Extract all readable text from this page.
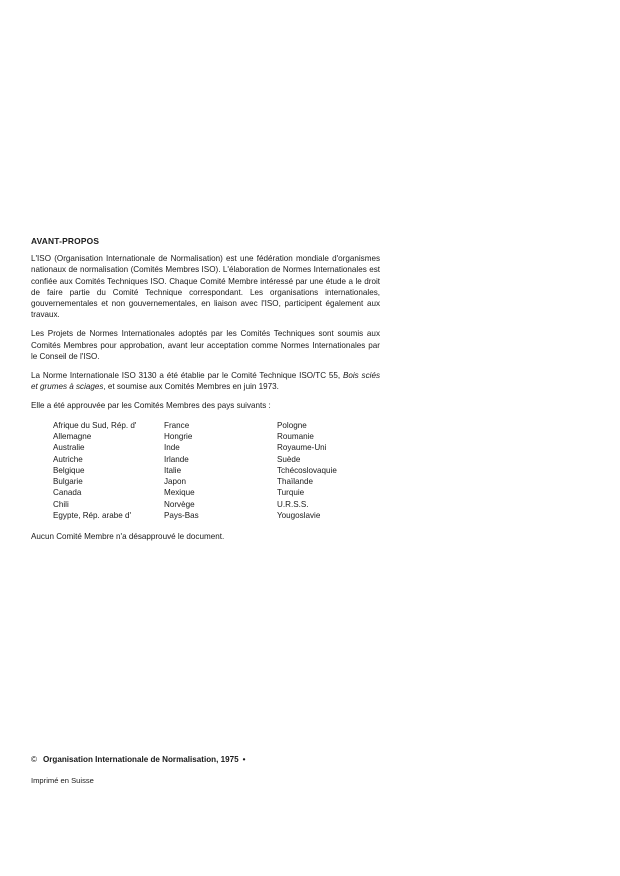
AVANT-PROPOS

L'ISO (Organisation Internationale de Normalisation) est une fédération mondiale d'organismes nationaux de normalisation (Comités Membres ISO). L'élaboration de Normes Internationales est confiée aux Comités Techniques ISO. Chaque Comité Membre intéressé par une étude a le droit de faire partie du Comité Technique correspondant. Les organisations internationales, gouvernementales et non gouvernementales, en liaison avec l'ISO, participent également aux travaux.

Les Projets de Normes Internationales adoptés par les Comités Techniques sont soumis aux Comités Membres pour approbation, avant leur acceptation comme Normes Internationales par le Conseil de l'ISO.

La Norme Internationale ISO 3130 a été établie par le Comité Technique ISO/TC 55, Bois sciés et grumes à sciages, et soumise aux Comités Membres en juin 1973.

Elle a été approuvée par les Comités Membres des pays suivants :

Afrique du Sud, Rép. d'
Allemagne
Australie
Autriche
Belgique
Bulgarie
Canada
Chili
Egypte, Rép. arabe d'
France
Hongrie
Inde
Irlande
Italie
Japon
Mexique
Norvège
Pays-Bas
Pologne
Roumanie
Royaume-Uni
Suède
Tchécoslovaquie
Thaïlande
Turquie
U.R.S.S.
Yougoslavie

Aucun Comité Membre n'a désapprouvé le document.

© Organisation Internationale de Normalisation, 1975 •
Imprimé en Suisse
